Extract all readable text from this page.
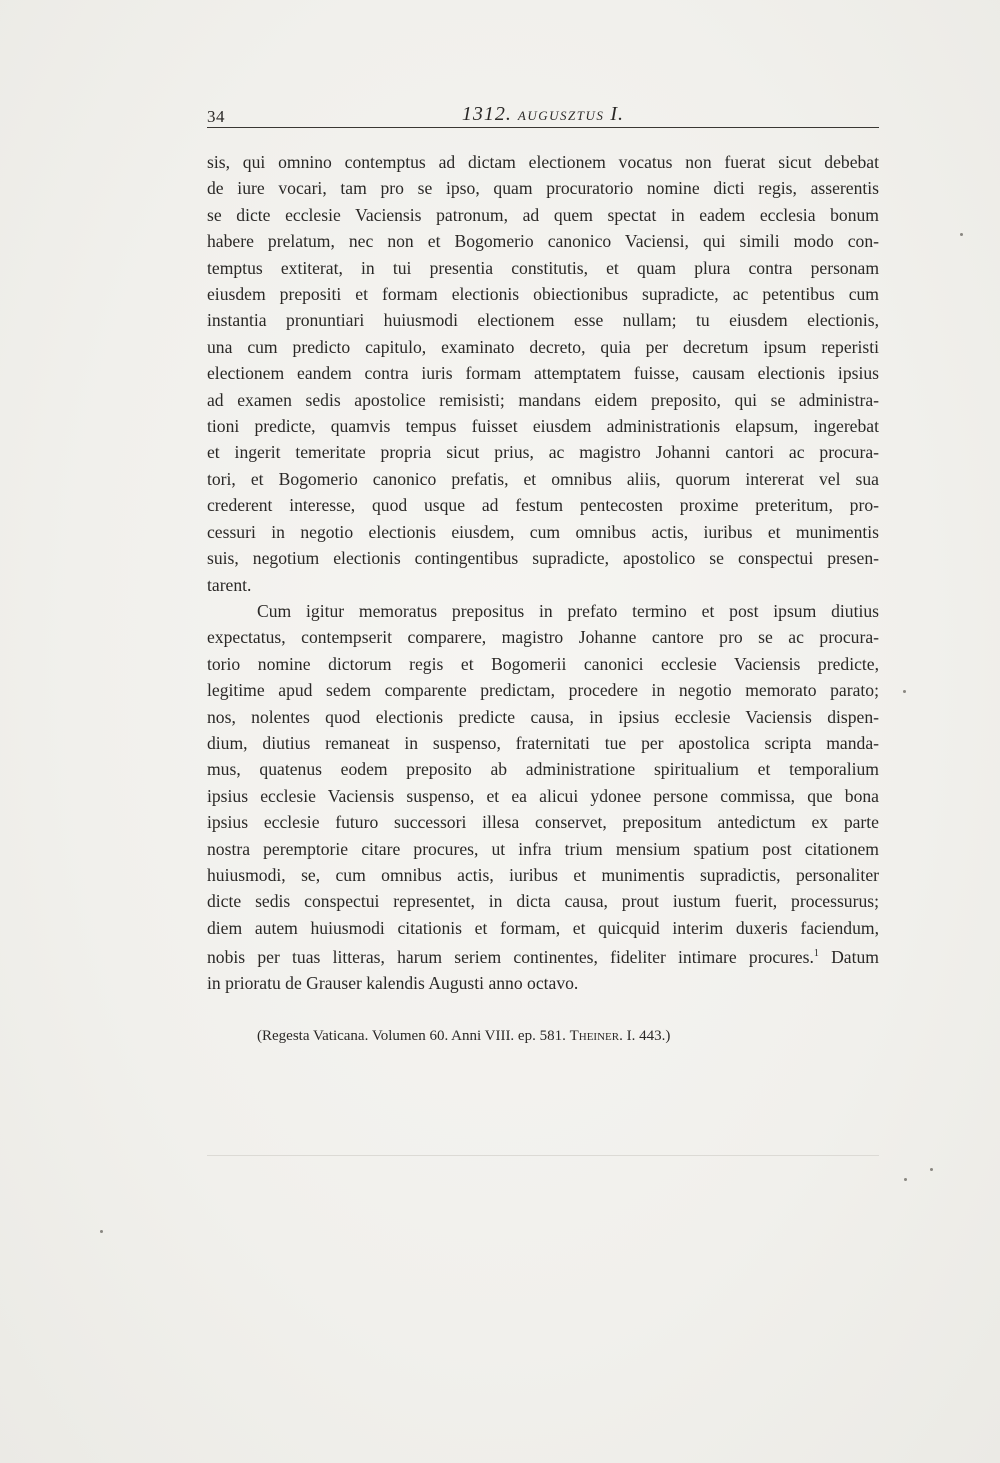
34	1312. AUGUSZTUS I.

sis, qui omnino contemptus ad dictam electionem vocatus non fuerat sicut debebat
de iure vocari, tam pro se ipso, quam procuratorio nomine dicti regis, asserentis
se dicte ecclesie Vaciensis patronum, ad quem spectat in eadem ecclesia bonum
habere prelatum, nec non et Bogomerio canonico Vaciensi, qui simili modo con-
temptus extiterat, in tui presentia constitutis, et quam plura contra personam
eiusdem prepositi et formam electionis obiectionibus supradicte, ac petentibus cum
instantia pronuntiari huiusmodi electionem esse nullam; tu eiusdem electionis,
una cum predicto capitulo, examinato decreto, quia per decretum ipsum reperisti
electionem eandem contra iuris formam attemptatem fuisse, causam electionis ipsius
ad examen sedis apostolice remisisti; mandans eidem preposito, qui se administra-
tioni predicte, quamvis tempus fuisset eiusdem administrationis elapsum, ingerebat
et ingerit temeritate propria sicut prius, ac magistro Johanni cantori ac procura-
tori, et Bogomerio canonico prefatis, et omnibus aliis, quorum intererat vel sua
crederent interesse, quod usque ad festum pentecosten proxime preteritum, pro-
cessuri in negotio electionis eiusdem, cum omnibus actis, iuribus et munimentis
suis, negotium electionis contingentibus supradicte, apostolico se conspectui presen-
tarent.

Cum igitur memoratus prepositus in prefato termino et post ipsum diutius
expectatus, contempserit comparere, magistro Johanne cantore pro se ac procura-
torio nomine dictorum regis et Bogomerii canonici ecclesie Vaciensis predicte,
legitime apud sedem comparente predictam, procedere in negotio memorato parato;
nos, nolentes quod electionis predicte causa, in ipsius ecclesie Vaciensis dispen-
dium, diutius remaneat in suspenso, fraternitati tue per apostolica scripta manda-
mus, quatenus eodem preposito ab administratione spiritualium et temporalium
ipsius ecclesie Vaciensis suspenso, et ea alicui ydonee persone commissa, que bona
ipsius ecclesie futuro successori illesa conservet, prepositum antedictum ex parte
nostra peremptorie citare procures, ut infra trium mensium spatium post citationem
huiusmodi, se, cum omnibus actis, iuribus et munimentis supradictis, personaliter
dicte sedis conspectui representet, in dicta causa, prout iustum fuerit, processurus;
diem autem huiusmodi citationis et formam, et quicquid interim duxeris faciendum,
nobis per tuas litteras, harum seriem continentes, fideliter intimare procures.$^1$ Datum
in prioratu de Grauser kalendis Augusti anno octavo.

(Regesta Vaticana. Volumen 60. Anni VIII. ep. 581. Theiner. I. 443.)
